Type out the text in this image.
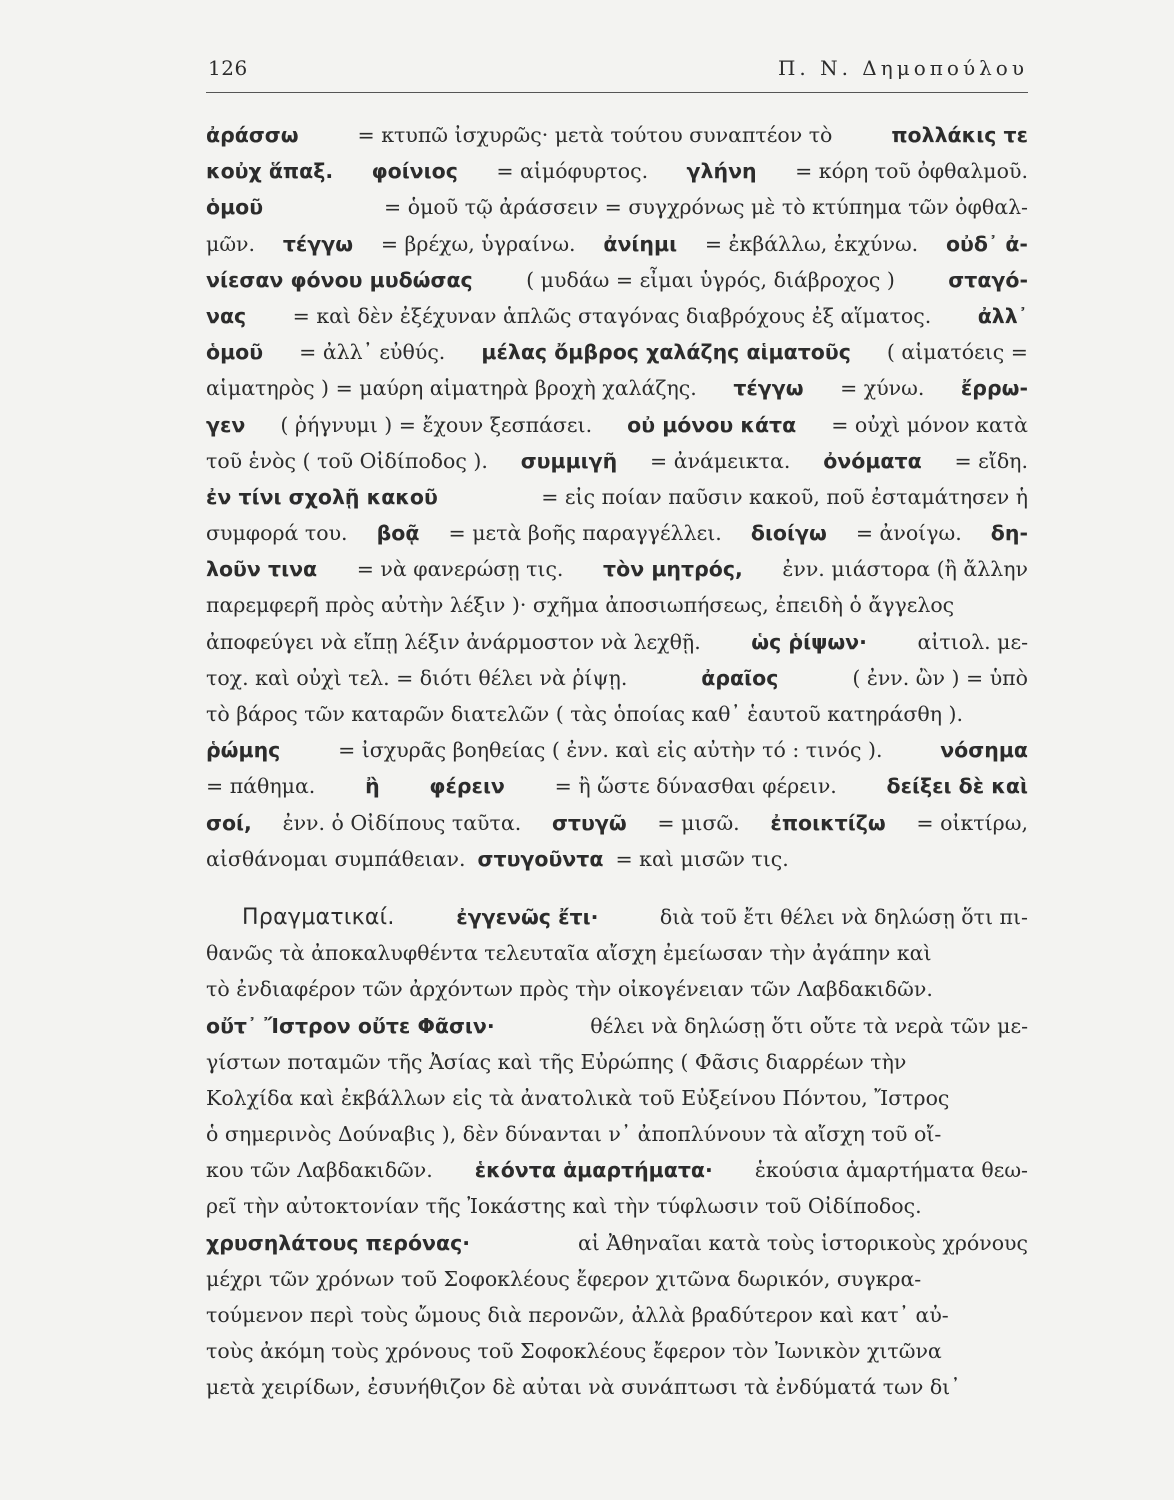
126	Π. Ν. Δημοπούλου
ἀράσσω	= κτυπῶ ἰσχυρῶς· μετὰ τούτου συναπτέον τὸ	πολλάκις τε
κοὐχ ἅπαξ. φοίνιος = αἱμόφυρτος. γλήνη = κόρη τοῦ ὀφθαλμοῦ.
ὁμοῦ	= ὁμοῦ τῷ ἀράσσειν = συγχρόνως μὲ τὸ κτύπημα τῶν ὀφθαλ-
μῶν. τέγγω = βρέχω, ὑγραίνω. ἀνίημι = ἐκβάλλω, ἐκχύνω. οὐδ᾿ ἀ-
νίεσαν φόνου μυδώσας	( μυδάω = εἶμαι ὑγρός, διάβροχος )	σταγό-
νας = καὶ δὲν ἐξέχυναν ἁπλῶς σταγόνας διαβρόχους ἐξ αἵματος. ἀλλ᾿
ὁμοῦ = ἀλλ᾿ εὐθύς. μέλας ὄμβρος χαλάζης αἱματοῦς ( αἱματόεις =
αἱματηρὸς ) = μαύρη αἱματηρὰ βροχὴ χαλάζης. τέγγω = χύνω. ἔρρω-
γεν ( ῥήγνυμι ) = ἔχουν ξεσπάσει. οὐ μόνου κάτα = οὐχὶ μόνον κατὰ
τοῦ ἑνὸς ( τοῦ Οἰδίποδος ). συμμιγῆ = ἀνάμεικτα. ὀνόματα = εἴδη.
ἐν τίνι σχολῇ κακοῦ	= εἰς ποίαν παῦσιν κακοῦ, ποῦ ἐσταμάτησεν ἡ
συμφορά του. βοᾷ = μετὰ βοῆς παραγγέλλει. διοίγω = ἀνοίγω. δη-
λοῦν τινα = νὰ φανερώσῃ τις. τὸν μητρός, ἐνν. μιάστορα (ἢ ἄλλην
παρεμφερῆ πρὸς αὐτὴν λέξιν )· σχῆμα ἀποσιωπήσεως, ἐπειδὴ ὁ ἄγγελος
ἀποφεύγει νὰ εἴπῃ λέξιν ἀνάρμοστον νὰ λεχθῇ. ὡς ῥίψων· αἰτιολ. με-
τοχ. καὶ οὐχὶ τελ. = διότι θέλει νὰ ῥίψῃ.	ἀραῖος	( ἐνν. ὢν ) = ὑπὸ
τὸ βάρος τῶν καταρῶν διατελῶν ( τὰς ὁποίας καθ᾿ ἑαυτοῦ κατηράσθη ).
ῥώμης	= ἰσχυρᾶς βοηθείας ( ἐνν. καὶ εἰς αὐτὴν τό : τινός ).	νόσημα
= πάθημα. ἢ φέρειν = ἢ ὥστε δύνασθαι φέρειν. δείξει δὲ καὶ
σοί, ἐνν. ὁ Οἰδίπους ταῦτα. στυγῶ = μισῶ. ἐποικτίζω = οἰκτίρω,
αἰσθάνομαι συμπάθειαν. στυγοῦντα = καὶ μισῶν τις.
Πραγματικαί.	ἐγγενῶς ἔτι·	διὰ τοῦ ἔτι θέλει νὰ δηλώσῃ ὅτι πι-
θανῶς τὰ ἀποκαλυφθέντα τελευταῖα αἴσχη ἐμείωσαν τὴν ἀγάπην καὶ
τὸ ἐνδιαφέρον τῶν ἀρχόντων πρὸς τὴν οἰκογένειαν τῶν Λαβδακιδῶν.
οὔτ᾿ Ἴστρον οὔτε Φᾶσιν·	θέλει νὰ δηλώσῃ ὅτι οὔτε τὰ νερὰ τῶν με-
γίστων ποταμῶν τῆς Ἀσίας καὶ τῆς Εὐρώπης ( Φᾶσις διαρρέων τὴν
Κολχίδα καὶ ἐκβάλλων εἰς τὰ ἀνατολικὰ τοῦ Εὐξείνου Πόντου, Ἴστρος
ὁ σημερινὸς Δούναβις ), δὲν δύνανται ν᾿ ἀποπλύνουν τὰ αἴσχη τοῦ οἴ-
κου τῶν Λαβδακιδῶν. ἑκόντα ἁμαρτήματα· ἑκούσια ἁμαρτήματα θεω-
ρεῖ τὴν αὐτοκτονίαν τῆς Ἰοκάστης καὶ τὴν τύφλωσιν τοῦ Οἰδίποδος.
χρυσηλάτους περόνας·	αἱ Ἀθηναῖαι κατὰ τοὺς ἱστορικοὺς χρόνους
μέχρι τῶν χρόνων τοῦ Σοφοκλέους ἔφερον χιτῶνα δωρικόν, συγκρα-
τούμενον περὶ τοὺς ὤμους διὰ περονῶν, ἀλλὰ βραδύτερον καὶ κατ᾿ αὐ-
τοὺς ἀκόμη τοὺς χρόνους τοῦ Σοφοκλέους ἔφερον τὸν Ἰωνικὸν χιτῶνα
μετὰ χειρίδων, ἐσυνήθιζον δὲ αὐται νὰ συνάπτωσι τὰ ἐνδύματά των δι᾿
